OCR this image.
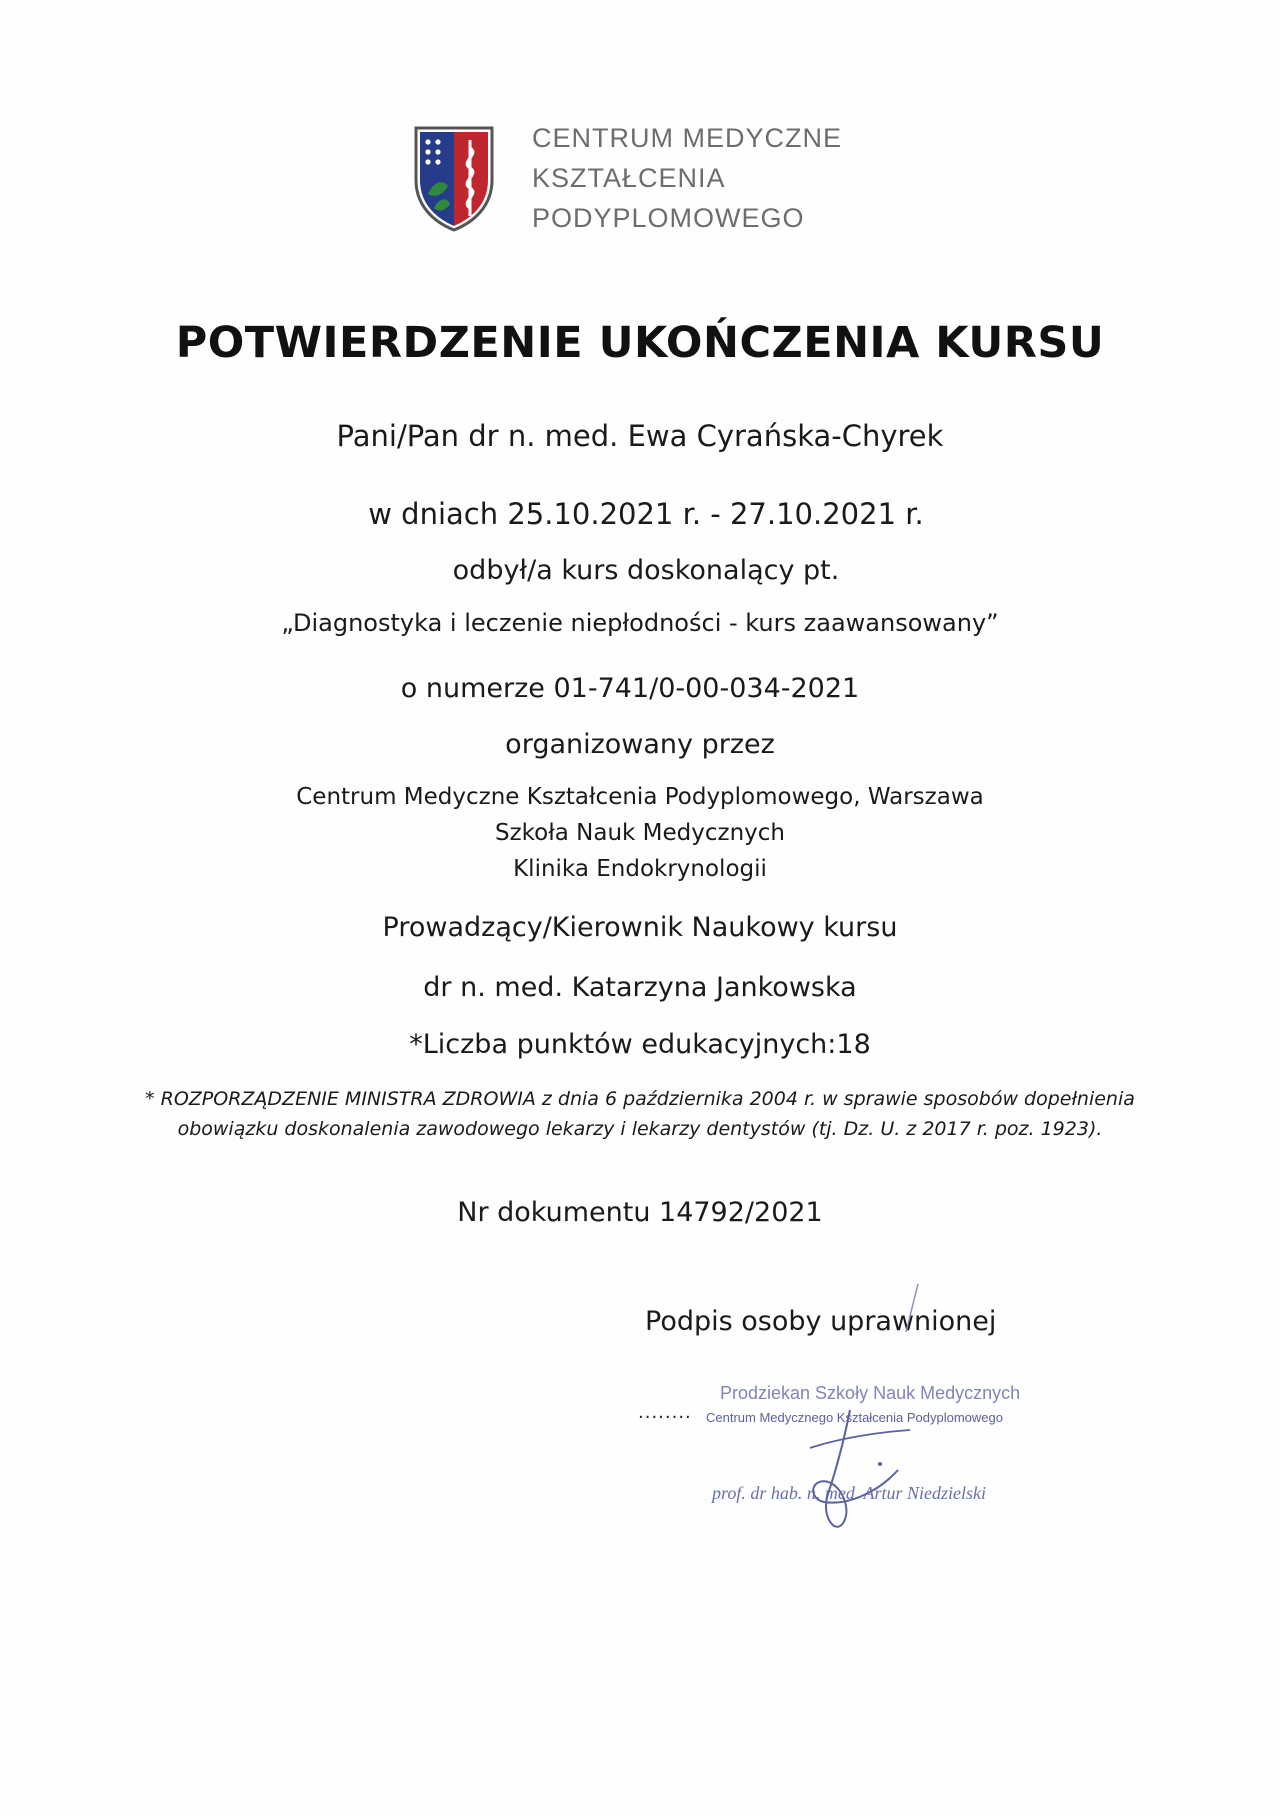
CENTRUM MEDYCZNE
KSZTAŁCENIA
PODYPLOMOWEGO
POTWIERDZENIE UKOŃCZENIA KURSU
Pani/Pan dr n. med. Ewa Cyrańska-Chyrek
w dniach 25.10.2021 r. - 27.10.2021 r.
odbył/a kurs doskonalący pt.
„Diagnostyka i leczenie niepłodności - kurs zaawansowany”
o numerze 01-741/0-00-034-2021
organizowany przez
Centrum Medyczne Kształcenia Podyplomowego, Warszawa
Szkoła Nauk Medycznych
Klinika Endokrynologii
Prowadzący/Kierownik Naukowy kursu
dr n. med. Katarzyna Jankowska
*Liczba punktów edukacyjnych:18
* ROZPORZĄDZENIE MINISTRA ZDROWIA z dnia 6 października 2004 r. w sprawie sposobów dopełnienia obowiązku doskonalenia zawodowego lekarzy i lekarzy dentystów (tj. Dz. U. z 2017 r. poz. 1923).
Nr dokumentu 14792/2021
Podpis osoby uprawnionej
Prodziekan Szkoły Nauk Medycznych
........ Centrum Medycznego Kształcenia Podyplomowego
prof. dr hab. n. med. Artur Niedzielski
